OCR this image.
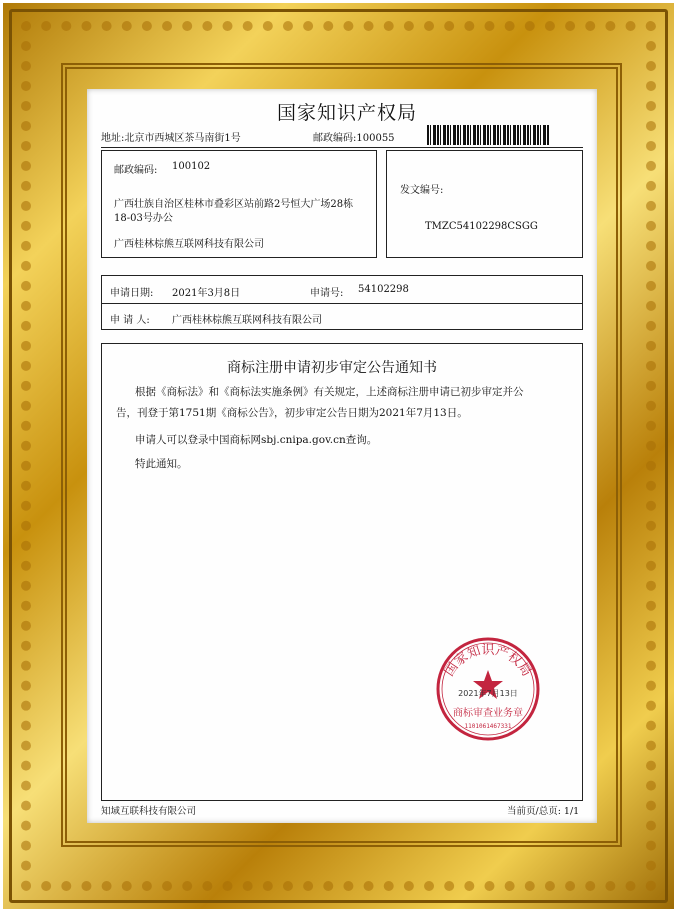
国家知识产权局
地址:北京市西城区茶马南街1号	邮政编码:100055
邮政编码: 100102
广西壮族自治区桂林市叠彩区站前路2号恒大广场28栋
18-03号办公
广西桂林棕熊互联网科技有限公司
发文编号:
TMZC54102298CSGG
申请日期: 2021年3月8日	申请号: 54102298
申 请 人: 广西桂林棕熊互联网科技有限公司
商标注册申请初步审定公告通知书
根据《商标法》和《商标法实施条例》有关规定，上述商标注册申请已初步审定并公
告，刊登于第1751期《商标公告》，初步审定公告日期为2021年7月13日。
申请人可以登录中国商标网sbj.cnipa.gov.cn查询。
特此通知。
国家知识产权局
2021年7月13日
商标审查业务章
1101061467331
知域互联科技有限公司	当前页/总页: 1/1
